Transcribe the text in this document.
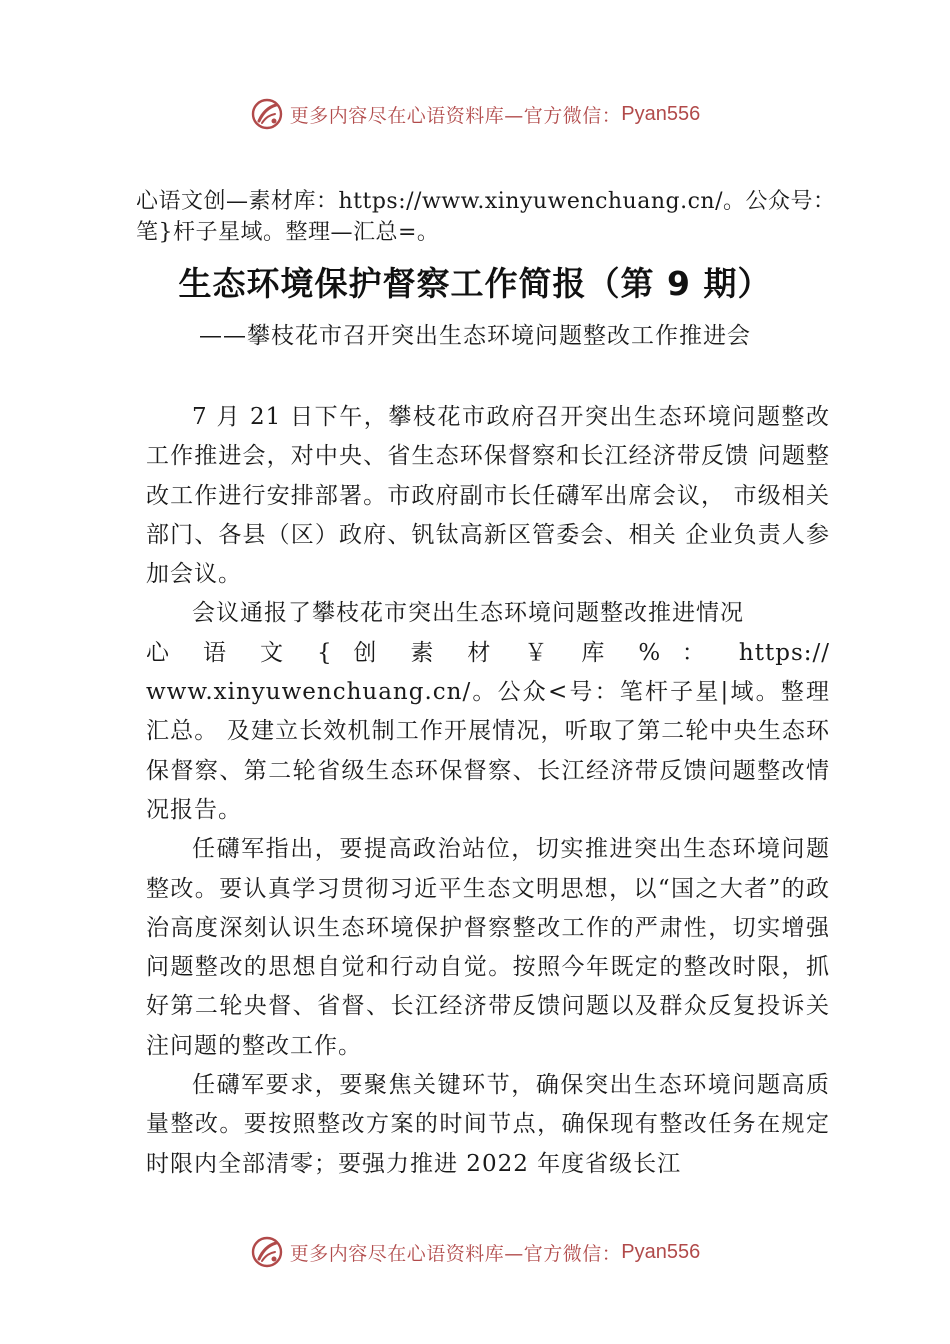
更多内容尽在心语资料库—官方微信： Pyan556
心语文创—素材库：https://www.xinyuwenchuang.cn/。公众号：笔}杆子星域。整理—汇总=。
生态环境保护督察工作简报（第 9 期）
——攀枝花市召开突出生态环境问题整改工作推进会

7 月 21 日下午，攀枝花市政府召开突出生态环境问题整改工作推进会，对中央、省生态环保督察和长江经济带反馈 问题整改工作进行安排部署。市政府副市长任礴军出席会议， 市级相关部门、各县（区）政府、钒钛高新区管委会、相关 企业负责人参加会议。

会议通报了攀枝花市突出生态环境问题整改推进情况
心 语 文 { 创 素 材 ￥ 库 % ： https://
www.xinyuwenchuang.cn/。公众<号：笔杆子星|域。整理汇总。 及建立长效机制工作开展情况，听取了第二轮中央生态环保督察、第二轮省级生态环保督察、长江经济带反馈问题整改情况报告。

任礴军指出，要提高政治站位，切实推进突出生态环境问题整改。要认真学习贯彻习近平生态文明思想，以“国之大者”的政治高度深刻认识生态环境保护督察整改工作的严肃性，切实增强问题整改的思想自觉和行动自觉。按照今年既定的整改时限，抓好第二轮央督、省督、长江经济带反馈问题以及群众反复投诉关注问题的整改工作。

任礴军要求，要聚焦关键环节，确保突出生态环境问题高质量整改。要按照整改方案的时间节点，确保现有整改任务在规定时限内全部清零；要强力推进 2022 年度省级长江

更多内容尽在心语资料库—官方微信： Pyan556
